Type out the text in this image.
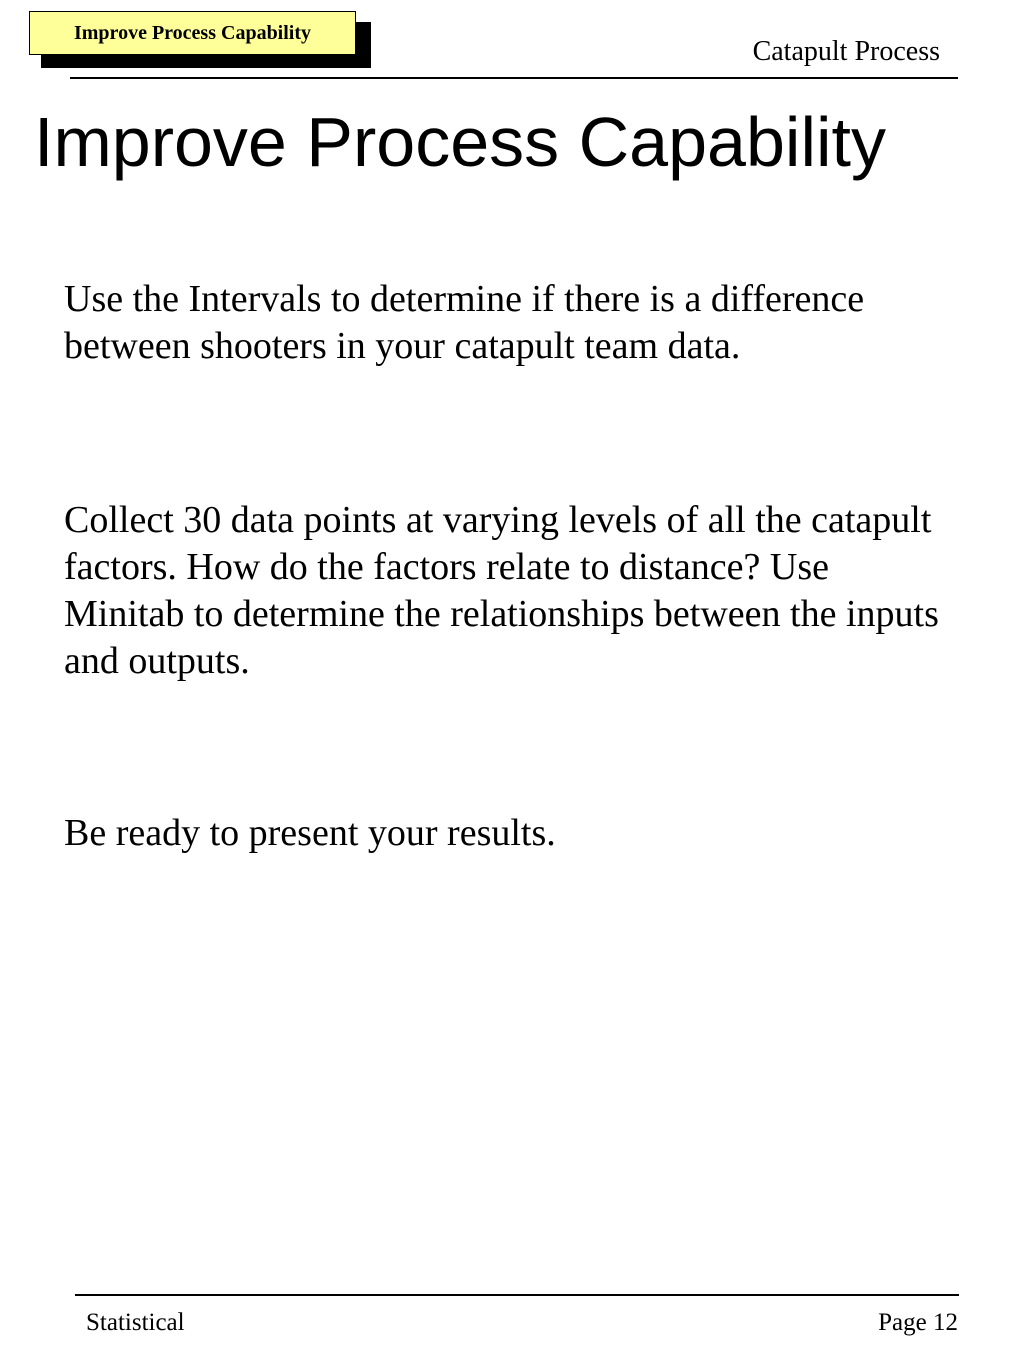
Improve Process Capability
Catapult Process
Improve Process Capability

Use the Intervals to determine if there is a difference between shooters in your catapult team data.

Collect 30 data points at varying levels of all the catapult factors. How do the factors relate to distance? Use Minitab to determine the relationships between the inputs and outputs.

Be ready to present your results.

Statistical	Page 12
